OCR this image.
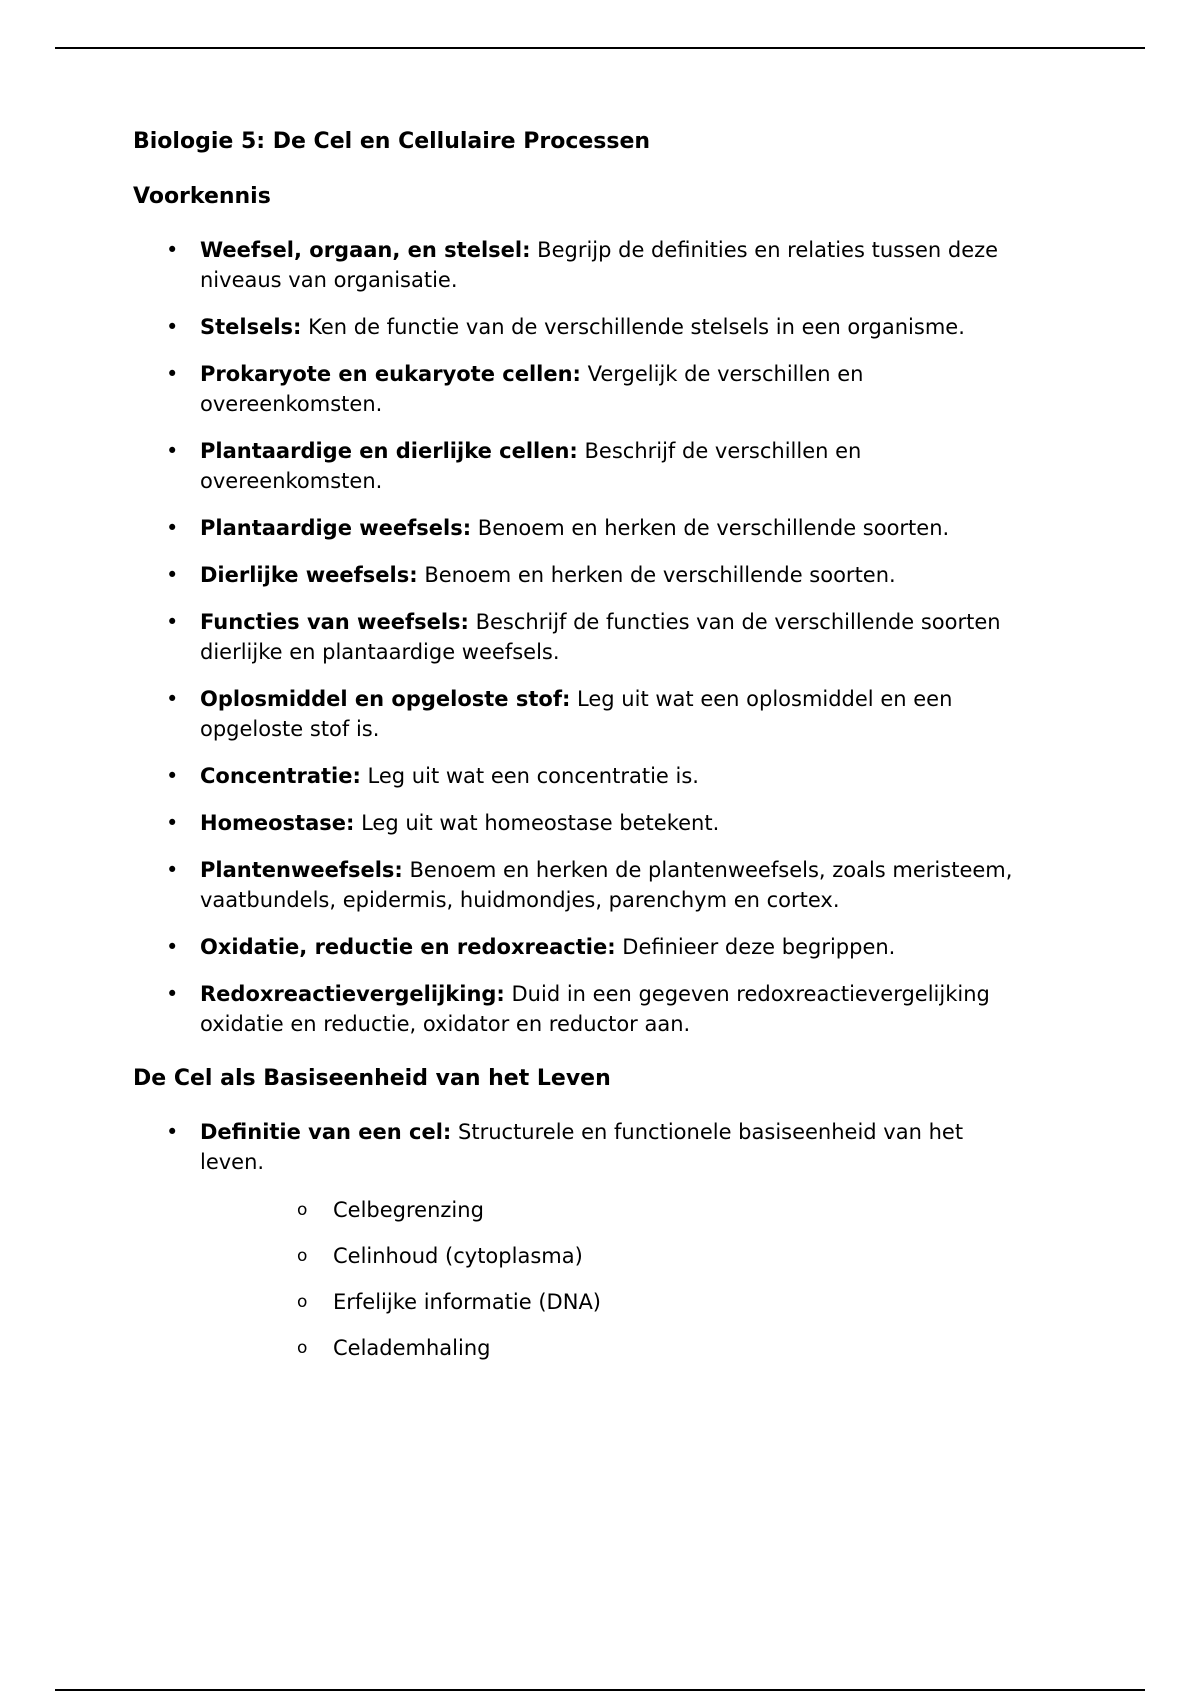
Biologie 5: De Cel en Cellulaire Processen
Voorkennis
• Weefsel, orgaan, en stelsel: Begrijp de definities en relaties tussen deze niveaus van organisatie.
• Stelsels: Ken de functie van de verschillende stelsels in een organisme.
• Prokaryote en eukaryote cellen: Vergelijk de verschillen en overeenkomsten.
• Plantaardige en dierlijke cellen: Beschrijf de verschillen en overeenkomsten.
• Plantaardige weefsels: Benoem en herken de verschillende soorten.
• Dierlijke weefsels: Benoem en herken de verschillende soorten.
• Functies van weefsels: Beschrijf de functies van de verschillende soorten dierlijke en plantaardige weefsels.
• Oplosmiddel en opgeloste stof: Leg uit wat een oplosmiddel en een opgeloste stof is.
• Concentratie: Leg uit wat een concentratie is.
• Homeostase: Leg uit wat homeostase betekent.
• Plantenweefsels: Benoem en herken de plantenweefsels, zoals meristeem, vaatbundels, epidermis, huidmondjes, parenchym en cortex.
• Oxidatie, reductie en redoxreactie: Definieer deze begrippen.
• Redoxreactievergelijking: Duid in een gegeven redoxreactievergelijking oxidatie en reductie, oxidator en reductor aan.
De Cel als Basiseenheid van het Leven
• Definitie van een cel: Structurele en functionele basiseenheid van het leven.
o Celbegrenzing
o Celinhoud (cytoplasma)
o Erfelijke informatie (DNA)
o Celademhaling
